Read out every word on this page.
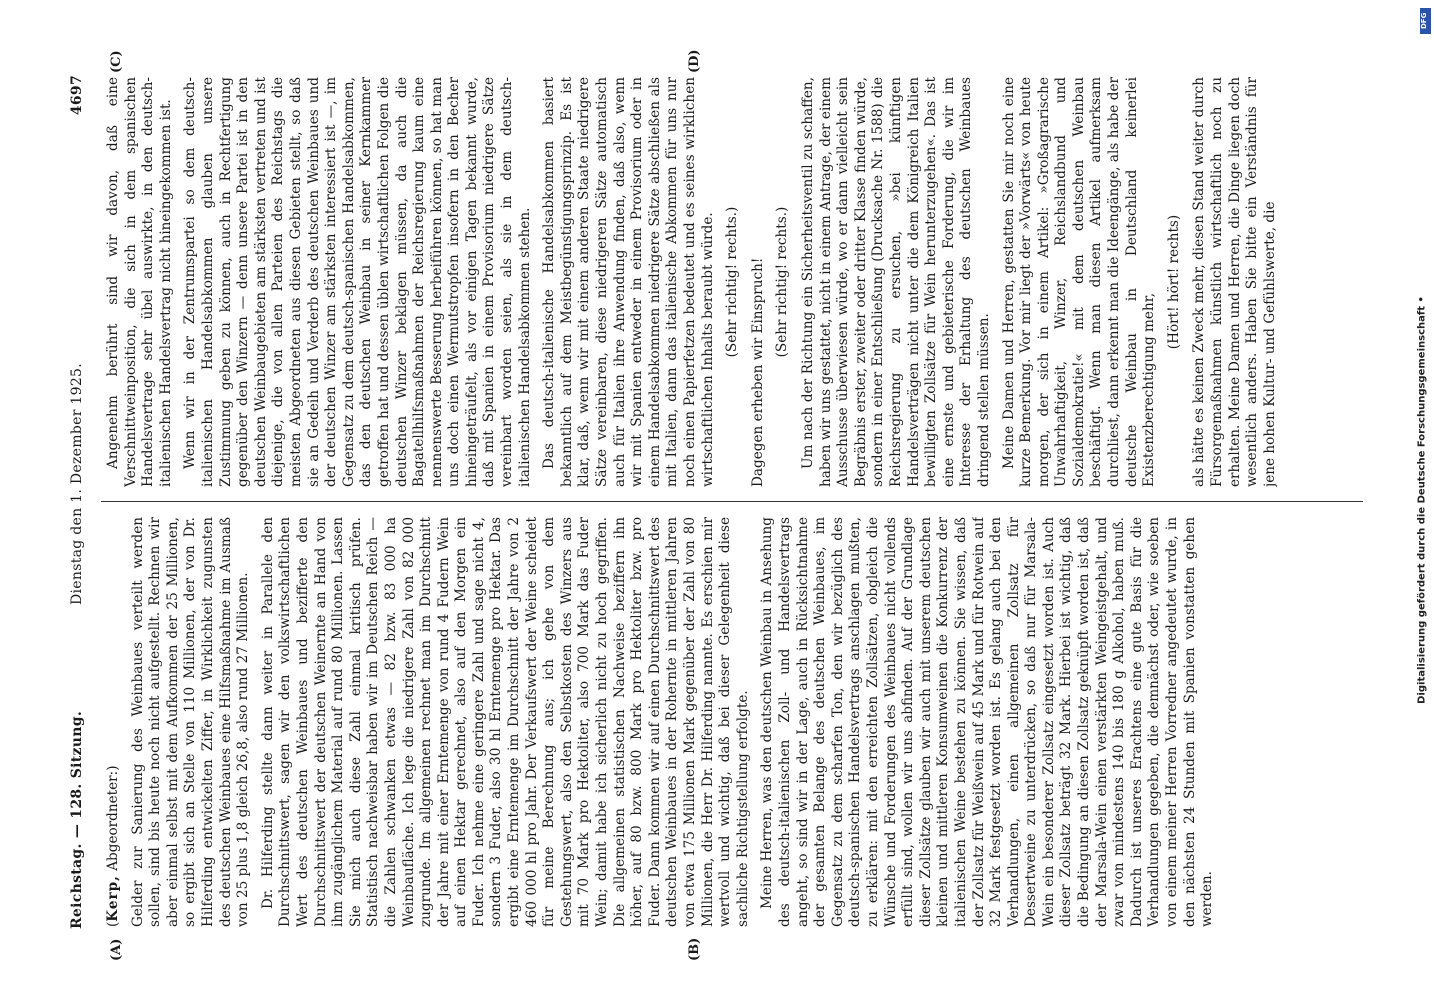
Reichstag. — 128. Sitzung.
Dienstag den 1. Dezember 1925.
4697
(A)	(B)
(C)	(D)

(Kerp, Abgeordneter:) Gelder zur Sanierung des Weinbaues verteilt werden sollen, sind bis heute noch nicht aufgestellt. Rechnen wir aber einmal selbst mit dem Aufkommen der 25 Millionen, so ergibt sich an Stelle von 110 Millionen, der von Dr. Hilferding entwickelten Ziffer, in Wirklichkeit zugunsten des deutschen Weinbaues eine Hilfsmaßnahme im Ausmaß von 25 plus 1,8 gleich 26,8, also rund 27 Millionen. Dr. Hilferding stellte dann weiter in Parallele den Durchschnittswert, sagen wir den volkswirtschaftlichen Wert des deutschen Weinbaues und bezifferte den Durchschnittswert der deutschen Weinernte an Hand von ihm zugänglichem Material auf rund 80 Millionen. Lassen Sie mich auch diese Zahl einmal kritisch prüfen. Statistisch nachweisbar haben wir im Deutschen Reich — die Zahlen schwanken etwas — 82 bzw. 83 000 ha Weinbaufläche. Ich lege die niedrigere Zahl von 82 000 zugrunde. Im allgemeinen rechnet man im Durchschnitt der Jahre mit einer Erntemenge von rund 4 Fudern Wein auf einen Hektar gerechnet, also auf den Morgen ein Fuder. Ich nehme eine geringere Zahl und sage nicht 4, sondern 3 Fuder, also 30 hl Erntemenge pro Hektar. Das ergibt eine Erntemenge im Durchschnitt der Jahre von 2 460 000 hl pro Jahr. Der Verkaufswert der Weine scheidet für meine Berechnung aus; ich gehe von dem Gestehungswert, also den Selbstkosten des Winzers aus mit 70 Mark pro Hektoliter, also 700 Mark das Fuder Wein; damit habe ich sicherlich nicht zu hoch gegriffen. Die allgemeinen statistischen Nachweise beziffern ihn höher, auf 80 bzw. 800 Mark pro Hektoliter bzw. pro Fuder. Dann kommen wir auf einen Durchschnittswert des deutschen Weinbaues in der Rohernte in mittleren Jahren von etwa 175 Millionen Mark gegenüber der Zahl von 80 Millionen, die Herr Dr. Hilferding nannte. Es erschien mir wertvoll und wichtig, daß bei dieser Gelegenheit diese sachliche Richtigstellung erfolgte. Meine Herren, was den deutschen Weinbau in Ansehung des deutsch-italienischen Zoll- und Handelsvertrags angeht, so sind wir in der Lage, auch in Rücksichtnahme der gesamten Belange des deutschen Weinbaues, im Gegensatz zu dem scharfen Ton, den wir bezüglich des deutsch-spanischen Handelsvertrags anschlagen mußten, zu erklären: mit den erreichten Zollsätzen, obgleich die Wünsche und Forderungen des Weinbaues nicht vollends erfüllt sind, wollen wir uns abfinden. Auf der Grundlage dieser Zollsätze glauben wir auch mit unserem deutschen kleinen und mittleren Konsumweinen die Konkurrenz der italienischen Weine bestehen zu können. Sie wissen, daß der Zollsatz für Weißwein auf 45 Mark und für Rotwein auf 32 Mark festgesetzt worden ist. Es gelang auch bei den Verhandlungen, einen allgemeinen Zollsatz für Dessertweine zu unterdrücken, so daß nur für Marsala-Wein ein besonderer Zollsatz eingesetzt worden ist. Auch dieser Zollsatz beträgt 32 Mark. Hierbei ist wichtig, daß die Bedingung an diesen Zollsatz geknüpft worden ist, daß der Marsala-Wein einen verstärkten Weingeistgehalt, und zwar von mindestens 140 bis 180 g Alkohol, haben muß. Dadurch ist unseres Erachtens eine gute Basis für die Verhandlungen gegeben, die demnächst oder, wie soeben von einem meiner Herren Vorredner angedeutet wurde, in den nächsten 24 Stunden mit Spanien vonstatten gehen werden.

Angenehm berührt sind wir davon, daß eine Verschnittweinposition, die sich in dem spanischen Handelsvertrage sehr übel auswirkte, in den deutsch-italienischen Handelsvertrag nicht hineingekommen ist. Wenn wir in der Zentrumspartei so dem deutsch-italienischen Handelsabkommen glauben unsere Zustimmung geben zu können, auch in Rechtfertigung gegenüber den Winzern — denn unsere Partei ist in den deutschen Weinbaugebieten am stärksten vertreten und ist diejenige, die von allen Parteien des Reichstags die meisten Abgeordneten aus diesen Gebieten stellt, so daß sie an Gedeih und Verderb des deutschen Weinbaues und der deutschen Winzer am stärksten interessiert ist —, im Gegensatz zu dem deutsch-spanischen Handelsabkommen, das den deutschen Weinbau in seiner Kernkammer getroffen hat und dessen üblen wirtschaftlichen Folgen die deutschen Winzer beklagen müssen, da auch die Bagatellhilfsmaßnahmen der Reichsregierung kaum eine nennenswerte Besserung herbeiführen können, so hat man uns doch einen Wermutstropfen insofern in den Becher hineingeträufelt, als vor einigen Tagen bekannt wurde, daß mit Spanien in einem Provisorium niedrigere Sätze vereinbart worden seien, als sie in dem deutsch-italienischen Handelsabkommen stehen. Das deutsch-italienische Handelsabkommen basiert bekanntlich auf dem Meistbegünstigungsprinzip. Es ist klar, daß, wenn wir mit einem anderen Staate niedrigere Sätze vereinbaren, diese niedrigeren Sätze automatisch auch für Italien ihre Anwendung finden, daß also, wenn wir mit Spanien entweder in einem Provisorium oder in einem Handelsabkommen niedrigere Sätze abschließen als mit Italien, dann das italienische Abkommen für uns nur noch einen Papierfetzen bedeutet und es seines wirklichen wirtschaftlichen Inhalts beraubt würde. (Sehr richtig! rechts.) Dagegen erheben wir Einspruch! (Sehr richtig! rechts.) Um nach der Richtung ein Sicherheitsventil zu schaffen, haben wir uns gestattet, nicht in einem Antrage, der einem Ausschusse überwiesen würde, wo er dann vielleicht sein Begräbnis erster, zweiter oder dritter Klasse finden würde, sondern in einer Entschließung (Drucksache Nr. 1588) die Reichsregierung zu ersuchen, »bei künftigen Handelsverträgen nicht unter die dem Königreich Italien bewilligten Zollsätze für Wein herunterzugehen«. Das ist eine ernste und gebieterische Forderung, die wir im Interesse der Erhaltung des deutschen Weinbaues dringend stellen müssen. Meine Damen und Herren, gestatten Sie mir noch eine kurze Bemerkung. Vor mir liegt der »Vorwärts« von heute morgen, der sich in einem Artikel: »Großagrarische Unwahrhaftigkeit, Winzer, Reichslandbund und Sozialdemokratie!« mit dem deutschen Weinbau beschäftigt. Wenn man diesen Artikel aufmerksam durchliest, dann erkennt man die Ideengänge, als habe der deutsche Weinbau in Deutschland keinerlei Existenzberechtigung mehr,

(Hört! hört! rechts) als hätte es keinen Zweck mehr, diesen Stand weiter durch Fürsorgemaßnahmen künstlich wirtschaftlich noch zu erhalten. Meine Damen und Herren, die Dinge liegen doch wesentlich anders. Haben Sie bitte ein Verständnis für jene hohen Kultur- und Gefühlswerte, die

DFG
Digitalisierung gefördert durch die Deutsche Forschungsgemeinschaft •
